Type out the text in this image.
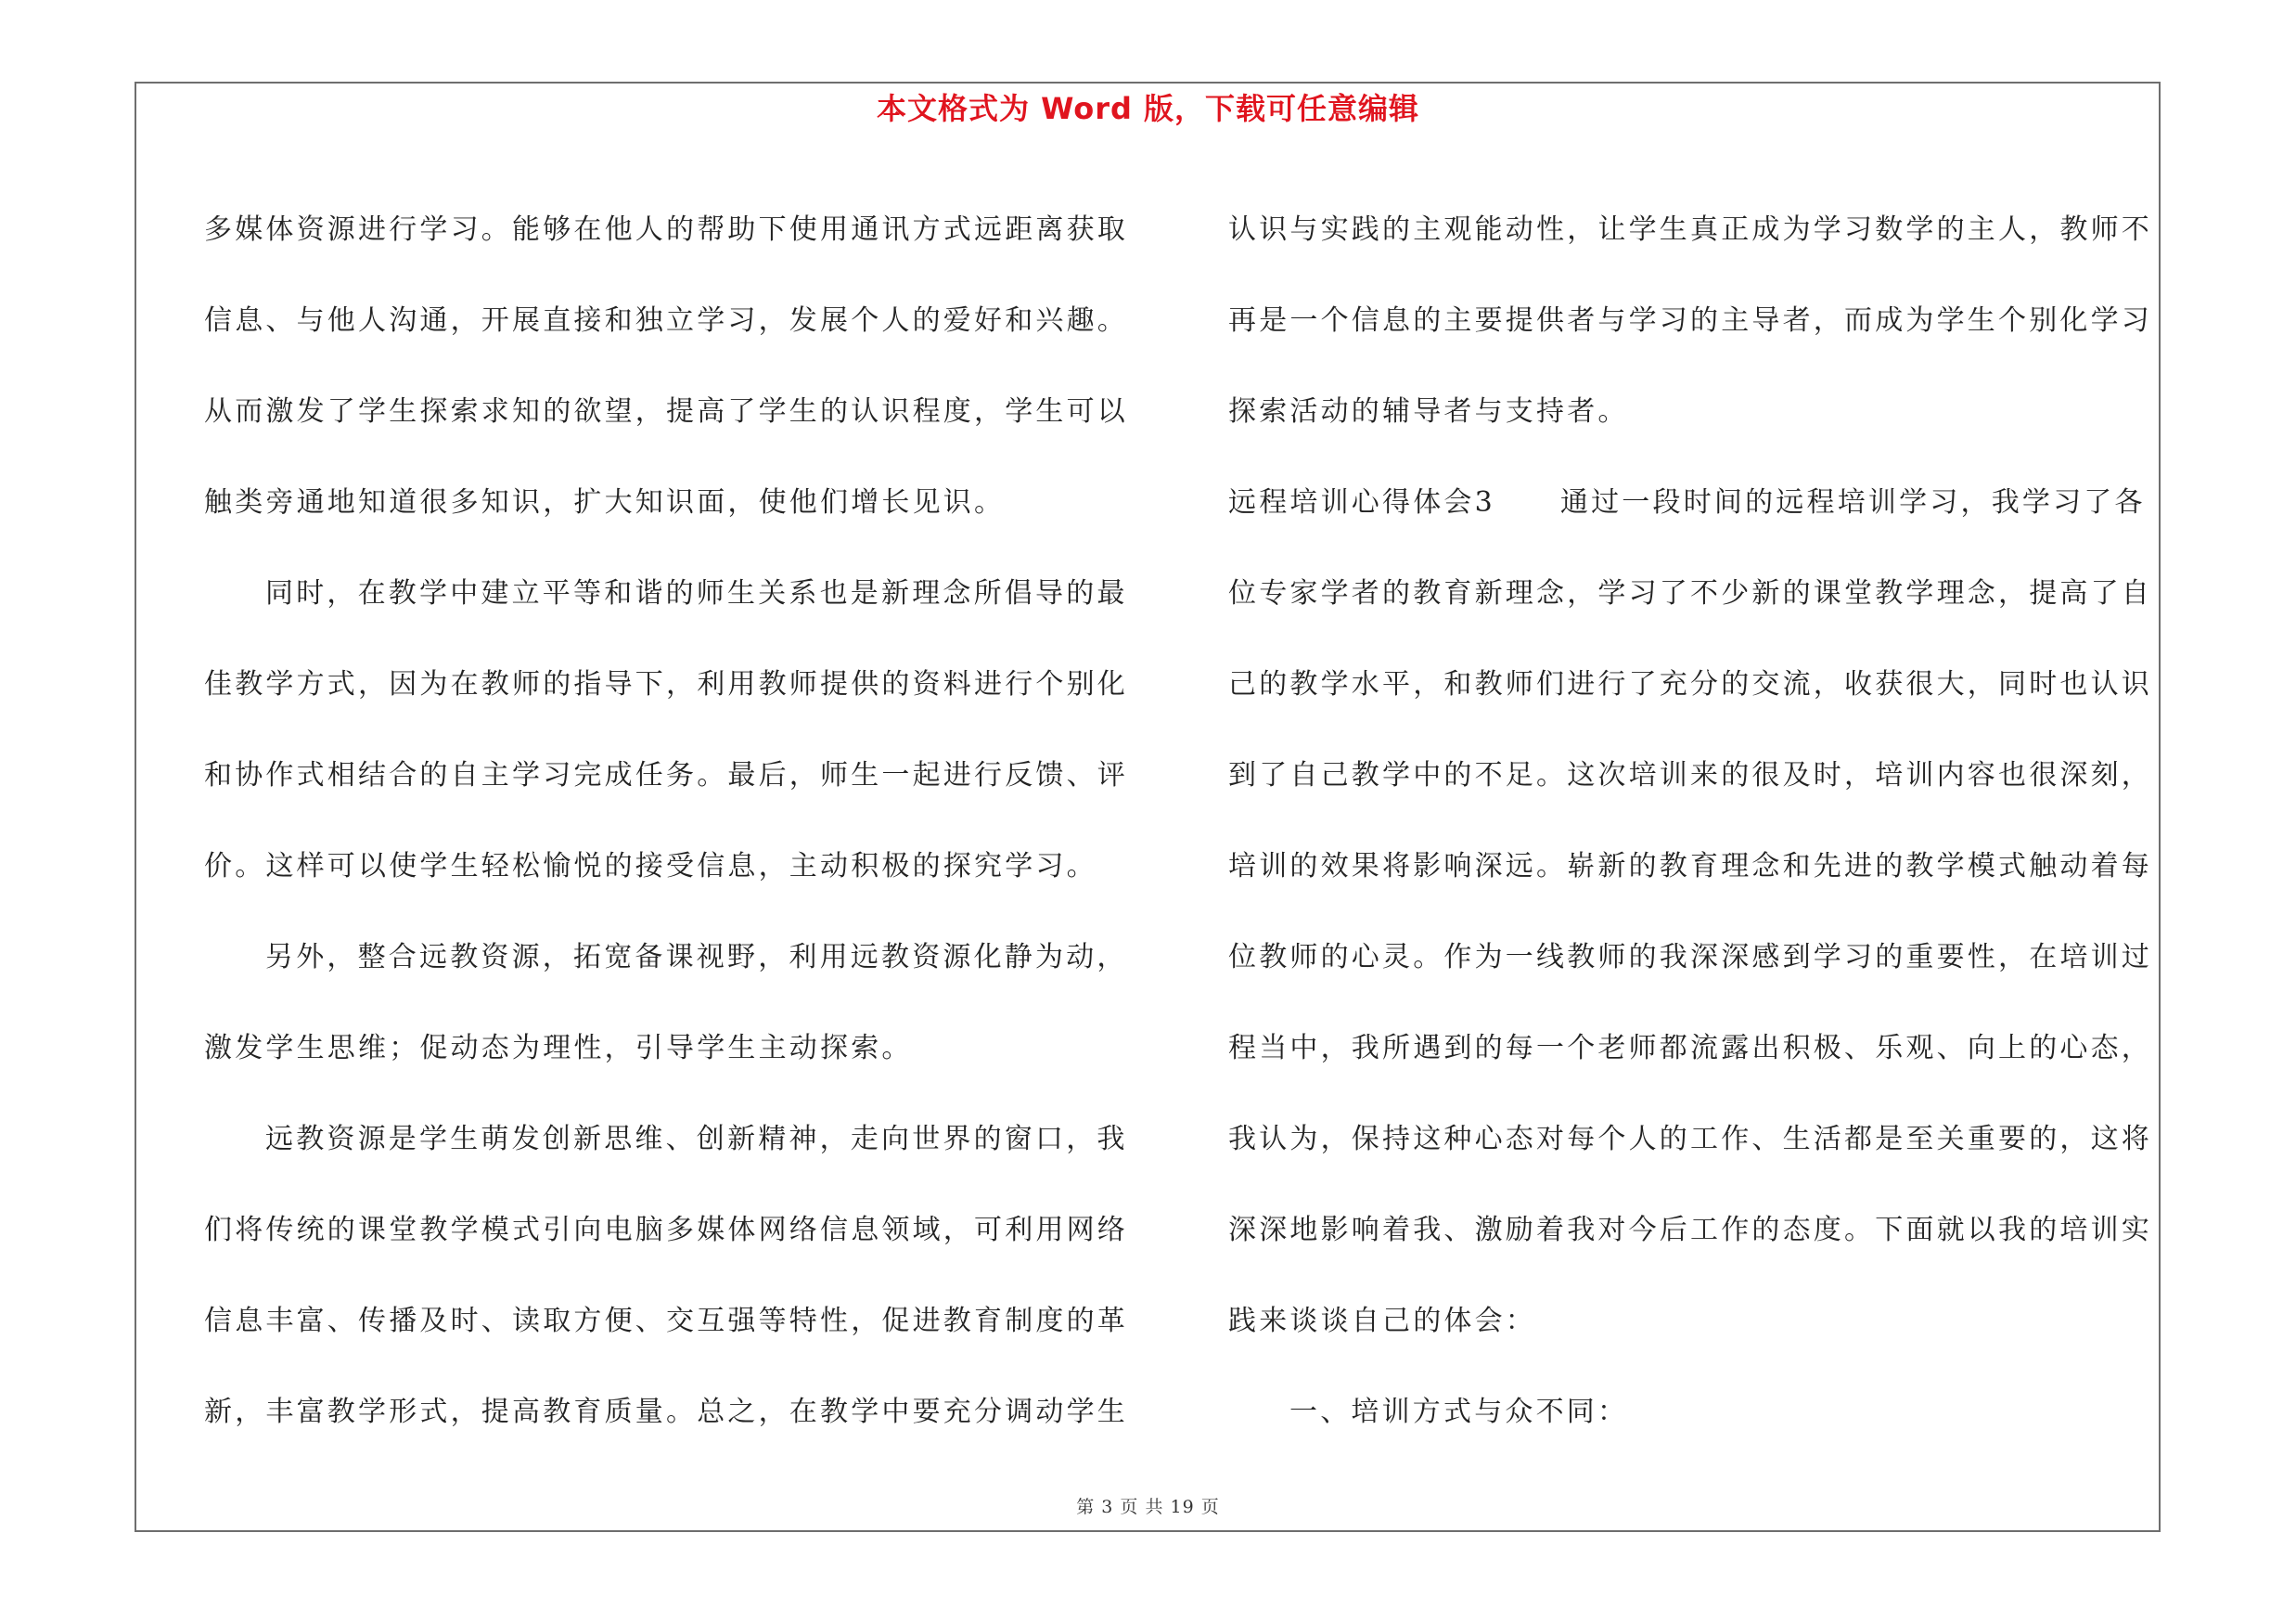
本文格式为 Word 版，下载可任意编辑

多媒体资源进行学习。能够在他人的帮助下使用通讯方式远距离获取

信息、与他人沟通，开展直接和独立学习，发展个人的爱好和兴趣。

从而激发了学生探索求知的欲望，提高了学生的认识程度，学生可以

触类旁通地知道很多知识，扩大知识面，使他们增长见识。

同时，在教学中建立平等和谐的师生关系也是新理念所倡导的最

佳教学方式，因为在教师的指导下，利用教师提供的资料进行个别化

和协作式相结合的自主学习完成任务。最后，师生一起进行反馈、评

价。这样可以使学生轻松愉悦的接受信息，主动积极的探究学习。

另外，整合远教资源，拓宽备课视野，利用远教资源化静为动，

激发学生思维；促动态为理性，引导学生主动探索。

远教资源是学生萌发创新思维、创新精神，走向世界的窗口，我

们将传统的课堂教学模式引向电脑多媒体网络信息领域，可利用网络

信息丰富、传播及时、读取方便、交互强等特性，促进教育制度的革

新，丰富教学形式，提高教育质量。总之，在教学中要充分调动学生

认识与实践的主观能动性，让学生真正成为学习数学的主人，教师不

再是一个信息的主要提供者与学习的主导者，而成为学生个别化学习

探索活动的辅导者与支持者。

远程培训心得体会3 通过一段时间的远程培训学习，我学习了各

位专家学者的教育新理念，学习了不少新的课堂教学理念，提高了自

己的教学水平，和教师们进行了充分的交流，收获很大，同时也认识

到了自己教学中的不足。这次培训来的很及时，培训内容也很深刻，

培训的效果将影响深远。崭新的教育理念和先进的教学模式触动着每

位教师的心灵。作为一线教师的我深深感到学习的重要性，在培训过

程当中，我所遇到的每一个老师都流露出积极、乐观、向上的心态，

我认为，保持这种心态对每个人的工作、生活都是至关重要的，这将

深深地影响着我、激励着我对今后工作的态度。下面就以我的培训实

践来谈谈自己的体会：

一、培训方式与众不同：

第 3 页 共 19 页
